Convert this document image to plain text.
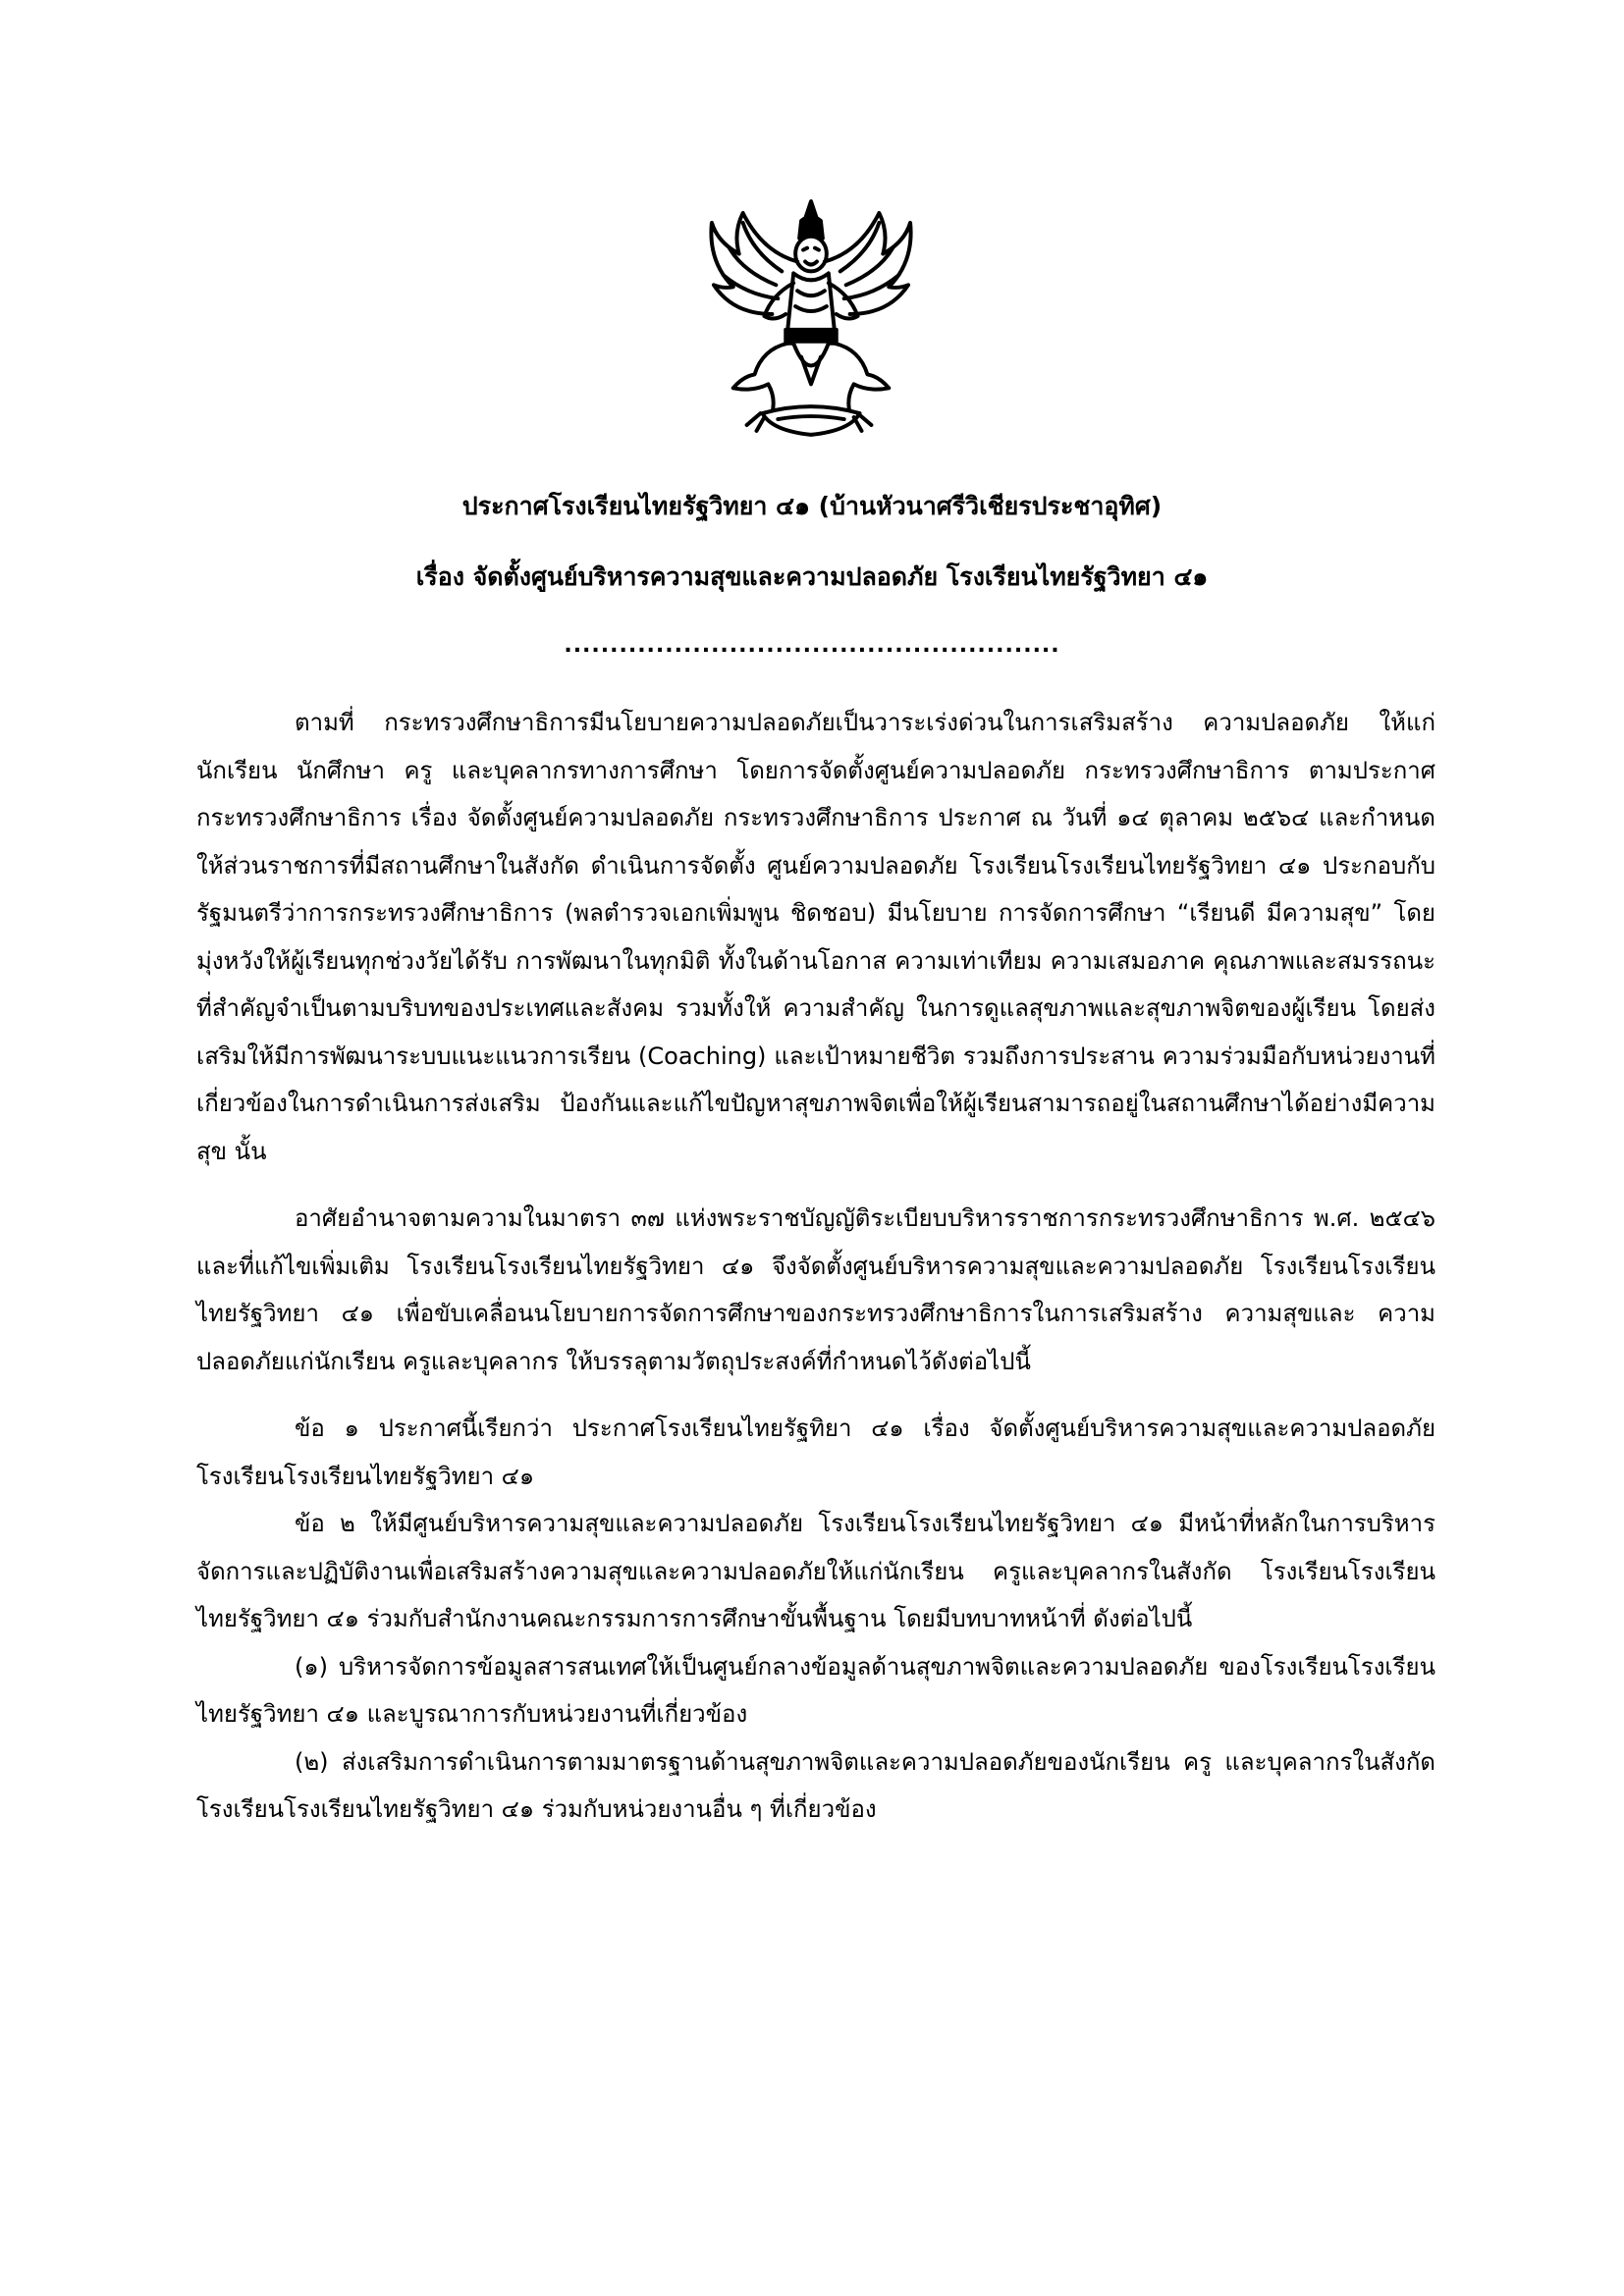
ประกาศโรงเรียนไทยรัฐวิทยา ๔๑ (บ้านหัวนาศรีวิเชียรประชาอุทิศ)
เรื่อง จัดตั้งศูนย์บริหารความสุขและความปลอดภัย โรงเรียนไทยรัฐวิทยา ๔๑
......................................................

ตามที่ กระทรวงศึกษาธิการมีนโยบายความปลอดภัยเป็นวาระเร่งด่วนในการเสริมสร้าง ความปลอดภัย ให้แก่ นักเรียน นักศึกษา ครู และบุคลากรทางการศึกษา โดยการจัดตั้งศูนย์ความปลอดภัย กระทรวงศึกษาธิการ ตามประกาศ กระทรวงศึกษาธิการ เรื่อง จัดตั้งศูนย์ความปลอดภัย กระทรวงศึกษาธิการ ประกาศ ณ วันที่ ๑๔ ตุลาคม ๒๕๖๔ และกำหนดให้ส่วนราชการที่มีสถานศึกษาในสังกัด ดำเนินการจัดตั้ง ศูนย์ความปลอดภัย โรงเรียนโรงเรียนไทยรัฐวิทยา ๔๑ ประกอบกับ รัฐมนตรีว่าการกระทรวงศึกษาธิการ (พลตำรวจเอกเพิ่มพูน ชิดชอบ) มีนโยบาย การจัดการศึกษา “เรียนดี มีความสุข” โดยมุ่งหวังให้ผู้เรียนทุกช่วงวัยได้รับ การพัฒนาในทุกมิติ ทั้งในด้านโอกาส ความเท่าเทียม ความเสมอภาค คุณภาพและสมรรถนะที่สำคัญจำเป็นตามบริบทของประเทศและสังคม รวมทั้งให้ ความสำคัญ ในการดูแลสุขภาพและสุขภาพจิตของผู้เรียน โดยส่งเสริมให้มีการพัฒนาระบบแนะแนวการเรียน (Coaching) และเป้าหมายชีวิต รวมถึงการประสาน ความร่วมมือกับหน่วยงานที่เกี่ยวข้องในการดำเนินการส่งเสริม ป้องกันและแก้ไขปัญหาสุขภาพจิตเพื่อให้ผู้เรียนสามารถอยู่ในสถานศึกษาได้อย่างมีความสุข นั้น

อาศัยอำนาจตามความในมาตรา ๓๗ แห่งพระราชบัญญัติระเบียบบริหารราชการกระทรวงศึกษาธิการ พ.ศ. ๒๕๔๖ และที่แก้ไขเพิ่มเติม โรงเรียนโรงเรียนไทยรัฐวิทยา ๔๑ จึงจัดตั้งศูนย์บริหารความสุขและความปลอดภัย โรงเรียนโรงเรียนไทยรัฐวิทยา ๔๑ เพื่อขับเคลื่อนนโยบายการจัดการศึกษาของกระทรวงศึกษาธิการในการเสริมสร้าง ความสุขและ ความปลอดภัยแก่นักเรียน ครูและบุคลากร ให้บรรลุตามวัตถุประสงค์ที่กำหนดไว้ดังต่อไปนี้

ข้อ ๑ ประกาศนี้เรียกว่า ประกาศโรงเรียนไทยรัฐทิยา ๔๑ เรื่อง จัดตั้งศูนย์บริหารความสุขและความปลอดภัย โรงเรียนโรงเรียนไทยรัฐวิทยา ๔๑

ข้อ ๒ ให้มีศูนย์บริหารความสุขและความปลอดภัย โรงเรียนโรงเรียนไทยรัฐวิทยา ๔๑ มีหน้าที่หลักในการบริหาร จัดการและปฏิบัติงานเพื่อเสริมสร้างความสุขและความปลอดภัยให้แก่นักเรียน ครูและบุคลากรในสังกัด โรงเรียนโรงเรียนไทยรัฐวิทยา ๔๑ ร่วมกับสำนักงานคณะกรรมการการศึกษาขั้นพื้นฐาน โดยมีบทบาทหน้าที่ ดังต่อไปนี้

(๑) บริหารจัดการข้อมูลสารสนเทศให้เป็นศูนย์กลางข้อมูลด้านสุขภาพจิตและความปลอดภัย ของโรงเรียนโรงเรียนไทยรัฐวิทยา ๔๑ และบูรณาการกับหน่วยงานที่เกี่ยวข้อง

(๒) ส่งเสริมการดำเนินการตามมาตรฐานด้านสุขภาพจิตและความปลอดภัยของนักเรียน ครู และบุคลากรในสังกัดโรงเรียนโรงเรียนไทยรัฐวิทยา ๔๑ ร่วมกับหน่วยงานอื่น ๆ ที่เกี่ยวข้อง
